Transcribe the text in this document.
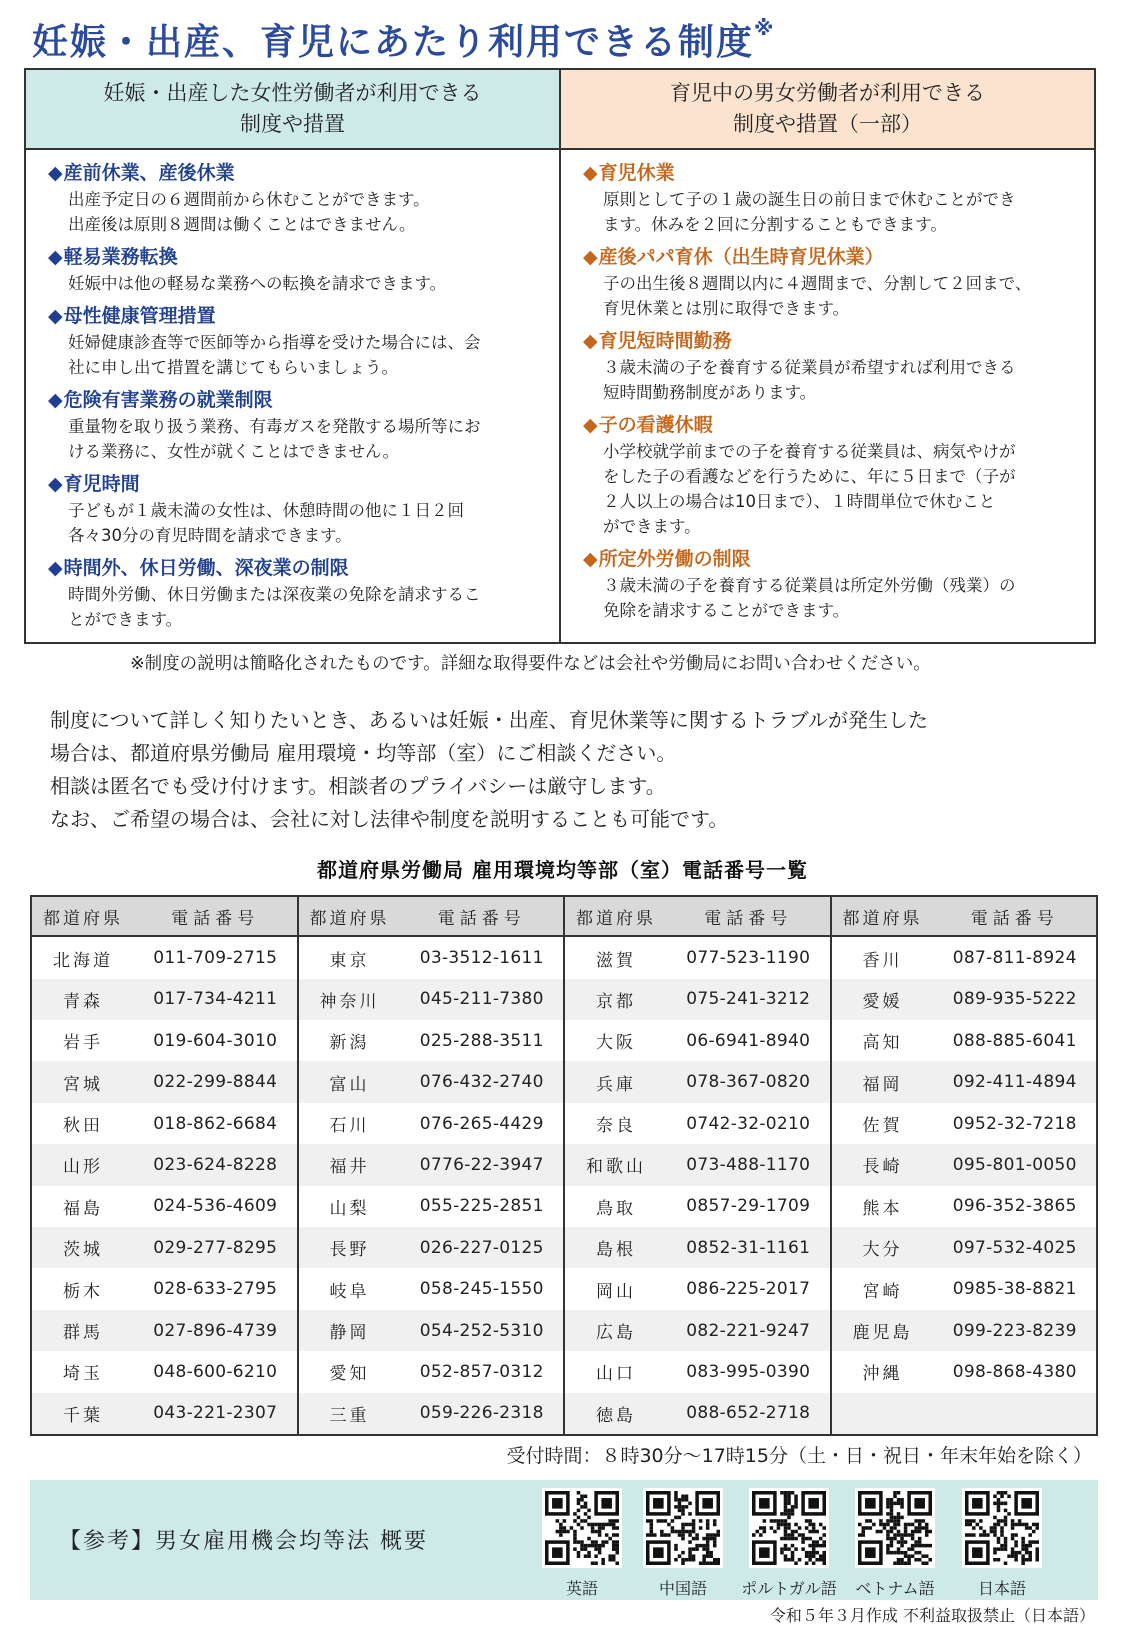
妊娠・出産、育児にあたり利用できる制度※
妊娠・出産した女性労働者が利用できる
制度や措置
◆産前休業、産後休業
出産予定日の６週間前から休むことができます。
出産後は原則８週間は働くことはできません。
◆軽易業務転換
妊娠中は他の軽易な業務への転換を請求できます。
◆母性健康管理措置
妊婦健康診査等で医師等から指導を受けた場合には、会
社に申し出て措置を講じてもらいましょう。
◆危険有害業務の就業制限
重量物を取り扱う業務、有毒ガスを発散する場所等にお
ける業務に、女性が就くことはできません。
◆育児時間
子どもが１歳未満の女性は、休憩時間の他に１日２回
各々30分の育児時間を請求できます。
◆時間外、休日労働、深夜業の制限
時間外労働、休日労働または深夜業の免除を請求するこ
とができます。
育児中の男女労働者が利用できる
制度や措置（一部）
◆育児休業
原則として子の１歳の誕生日の前日まで休むことができ
ます。休みを２回に分割することもできます。
◆産後パパ育休（出生時育児休業）
子の出生後８週間以内に４週間まで、分割して２回まで、
育児休業とは別に取得できます。
◆育児短時間勤務
３歳未満の子を養育する従業員が希望すれば利用できる
短時間勤務制度があります。
◆子の看護休暇
小学校就学前までの子を養育する従業員は、病気やけが
をした子の看護などを行うために、年に５日まで（子が
２人以上の場合は10日まで）、１時間単位で休むこと
ができます。
◆所定外労働の制限
３歳未満の子を養育する従業員は所定外労働（残業）の
免除を請求することができます。
※制度の説明は簡略化されたものです。詳細な取得要件などは会社や労働局にお問い合わせください。
制度について詳しく知りたいとき、あるいは妊娠・出産、育児休業等に関するトラブルが発生した
場合は、都道府県労働局 雇用環境・均等部（室）にご相談ください。
相談は匿名でも受け付けます。相談者のプライバシーは厳守します。
なお、ご希望の場合は、会社に対し法律や制度を説明することも可能です。
都道府県労働局 雇用環境均等部（室）電話番号一覧
都道府県	電話番号
北海道	011-709-2715
青森	017-734-4211
岩手	019-604-3010
宮城	022-299-8844
秋田	018-862-6684
山形	023-624-8228
福島	024-536-4609
茨城	029-277-8295
栃木	028-633-2795
群馬	027-896-4739
埼玉	048-600-6210
千葉	043-221-2307
都道府県	電話番号
東京	03-3512-1611
神奈川	045-211-7380
新潟	025-288-3511
富山	076-432-2740
石川	076-265-4429
福井	0776-22-3947
山梨	055-225-2851
長野	026-227-0125
岐阜	058-245-1550
静岡	054-252-5310
愛知	052-857-0312
三重	059-226-2318
都道府県	電話番号
滋賀	077-523-1190
京都	075-241-3212
大阪	06-6941-8940
兵庫	078-367-0820
奈良	0742-32-0210
和歌山	073-488-1170
鳥取	0857-29-1709
島根	0852-31-1161
岡山	086-225-2017
広島	082-221-9247
山口	083-995-0390
徳島	088-652-2718
都道府県	電話番号
香川	087-811-8924
愛媛	089-935-5222
高知	088-885-6041
福岡	092-411-4894
佐賀	0952-32-7218
長崎	095-801-0050
熊本	096-352-3865
大分	097-532-4025
宮崎	0985-38-8821
鹿児島	099-223-8239
沖縄	098-868-4380
受付時間：８時30分～17時15分（土・日・祝日・年末年始を除く）
【参考】男女雇用機会均等法 概要
英語	中国語	ポルトガル語	ベトナム語	日本語
令和５年３月作成 不利益取扱禁止（日本語）
